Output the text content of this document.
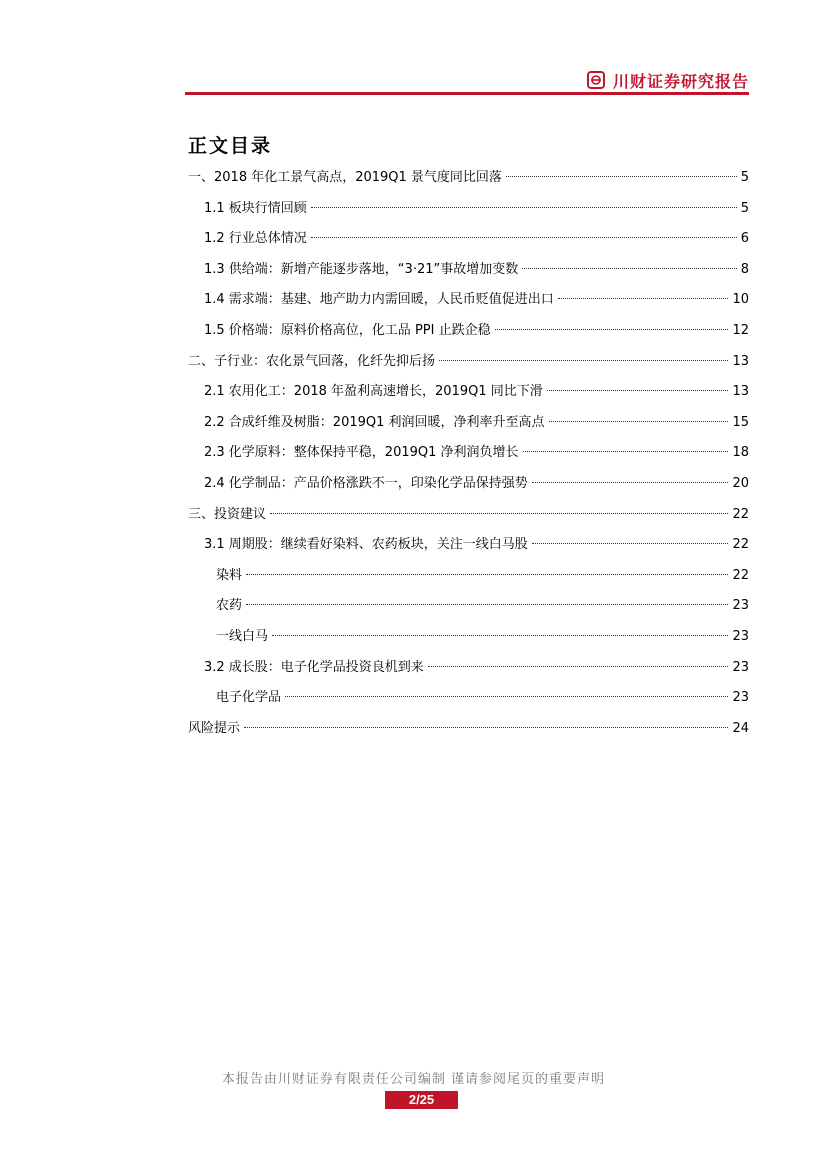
川财证券研究报告
正文目录
一、2018 年化工景气高点，2019Q1 景气度同比回落	5
1.1 板块行情回顾	5
1.2 行业总体情况	6
1.3 供给端：新增产能逐步落地，“3·21”事故增加变数	8
1.4 需求端：基建、地产助力内需回暖，人民币贬值促进出口	10
1.5 价格端：原料价格高位，化工品 PPI 止跌企稳	12
二、子行业：农化景气回落，化纤先抑后扬	13
2.1 农用化工：2018 年盈利高速增长，2019Q1 同比下滑	13
2.2 合成纤维及树脂：2019Q1 利润回暖，净利率升至高点	15
2.3 化学原料：整体保持平稳，2019Q1 净利润负增长	18
2.4 化学制品：产品价格涨跌不一，印染化学品保持强势	20
三、投资建议	22
3.1 周期股：继续看好染料、农药板块，关注一线白马股	22
染料	22
农药	23
一线白马	23
3.2 成长股：电子化学品投资良机到来	23
电子化学品	23
风险提示	24
本报告由川财证券有限责任公司编制 谨请参阅尾页的重要声明
2/25
